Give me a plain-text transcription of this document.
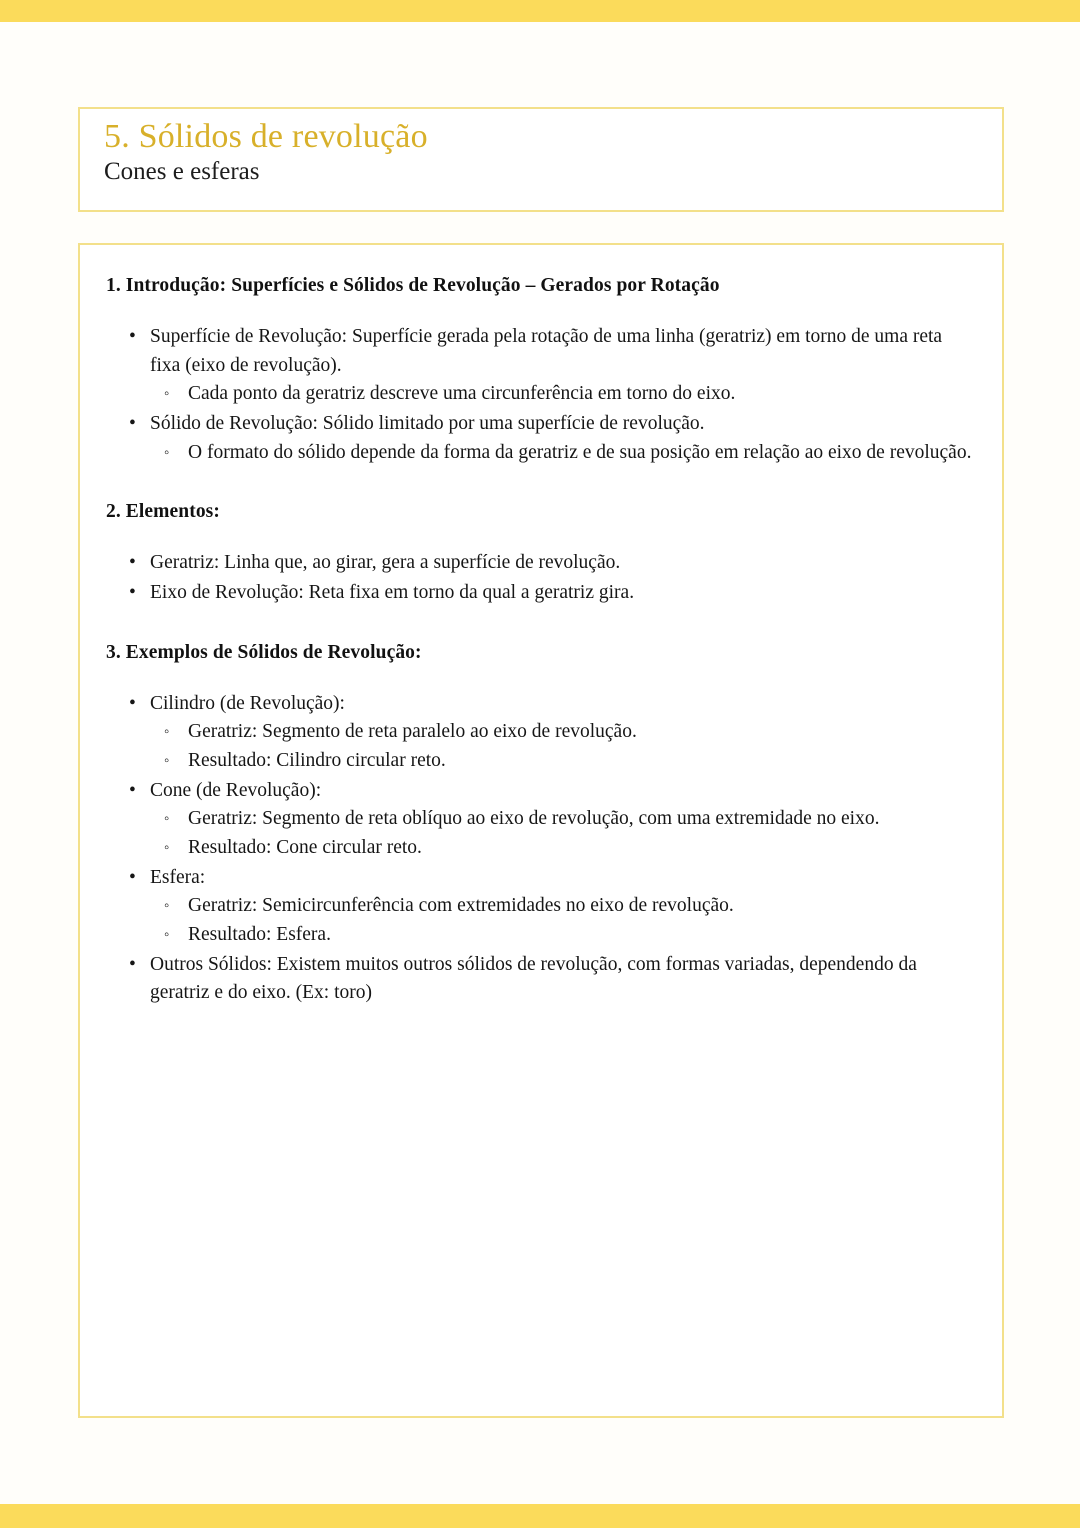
5. Sólidos de revolução
Cones e esferas
1. Introdução: Superfícies e Sólidos de Revolução – Gerados por Rotação
• Superfície de Revolução: Superfície gerada pela rotação de uma linha (geratriz) em torno de uma reta fixa (eixo de revolução).
◦ Cada ponto da geratriz descreve uma circunferência em torno do eixo.
• Sólido de Revolução: Sólido limitado por uma superfície de revolução.
◦ O formato do sólido depende da forma da geratriz e de sua posição em relação ao eixo de revolução.
2. Elementos:
• Geratriz: Linha que, ao girar, gera a superfície de revolução.
• Eixo de Revolução: Reta fixa em torno da qual a geratriz gira.
3. Exemplos de Sólidos de Revolução:
• Cilindro (de Revolução):
◦ Geratriz: Segmento de reta paralelo ao eixo de revolução.
◦ Resultado: Cilindro circular reto.
• Cone (de Revolução):
◦ Geratriz: Segmento de reta oblíquo ao eixo de revolução, com uma extremidade no eixo.
◦ Resultado: Cone circular reto.
• Esfera:
◦ Geratriz: Semicircunferência com extremidades no eixo de revolução.
◦ Resultado: Esfera.
• Outros Sólidos: Existem muitos outros sólidos de revolução, com formas variadas, dependendo da geratriz e do eixo. (Ex: toro)
